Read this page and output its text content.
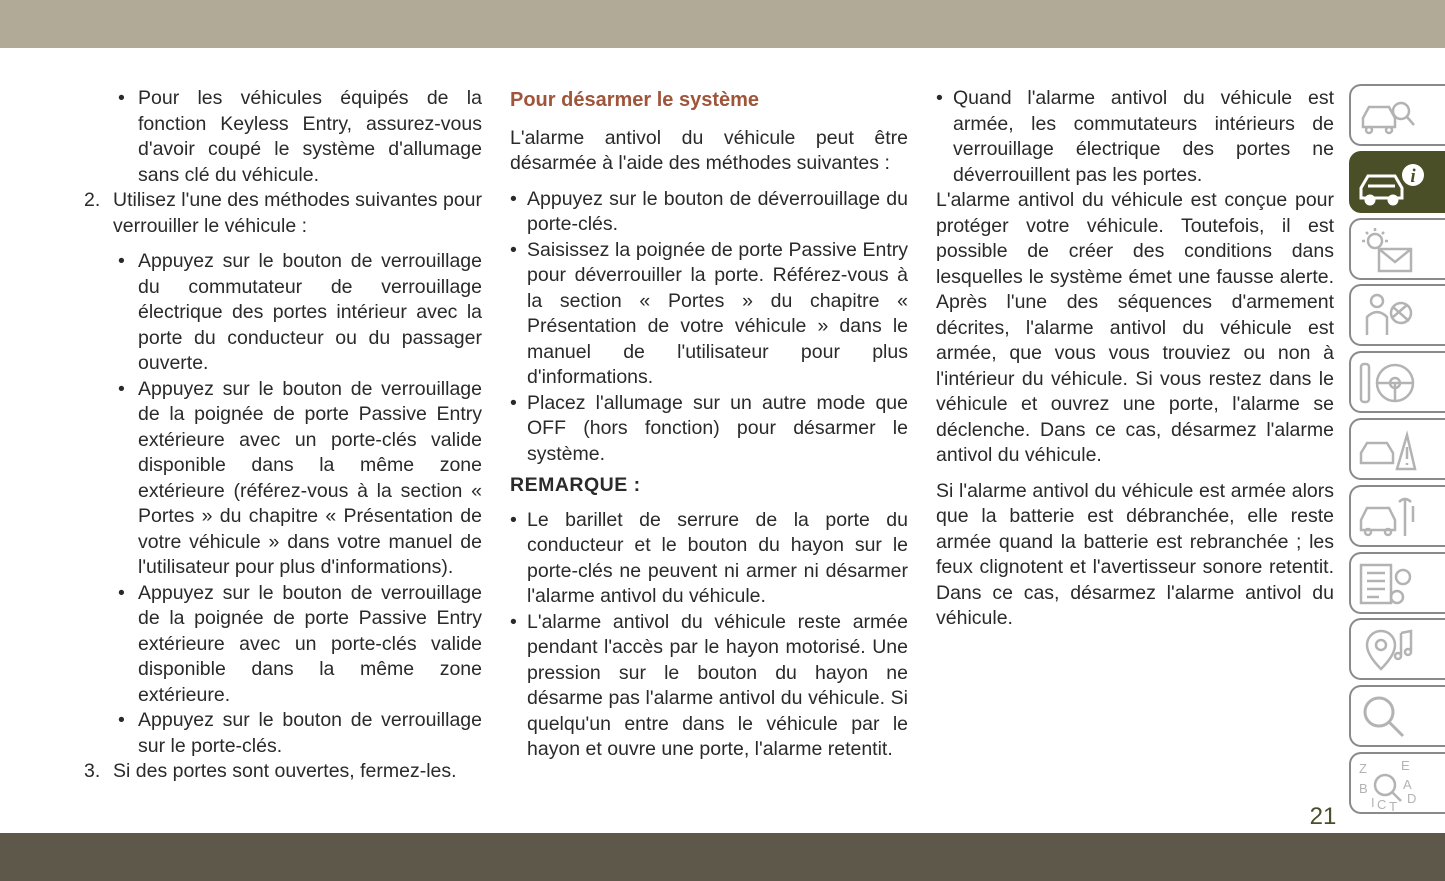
• Pour les véhicules équipés de la fonction Keyless Entry, assurez-vous d'avoir coupé le système d'allumage sans clé du véhicule.

2. Utilisez l'une des méthodes suivantes pour verrouiller le véhicule :

• Appuyez sur le bouton de verrouillage du commutateur de verrouillage électrique des portes intérieur avec la porte du conducteur ou du passager ouverte.

• Appuyez sur le bouton de verrouillage de la poignée de porte Passive Entry extérieure avec un porte-clés valide disponible dans la même zone extérieure (référez-vous à la section « Portes » du chapitre « Présentation de votre véhicule » dans votre manuel de l'utilisateur pour plus d'informations).

• Appuyez sur le bouton de verrouillage de la poignée de porte Passive Entry extérieure avec un porte-clés valide disponible dans la même zone extérieure.

• Appuyez sur le bouton de verrouillage sur le porte-clés.

3. Si des portes sont ouvertes, fermez-les.
Pour désarmer le système

L'alarme antivol du véhicule peut être désarmée à l'aide des méthodes suivantes :

• Appuyez sur le bouton de déverrouillage du porte-clés.

• Saisissez la poignée de porte Passive Entry pour déverrouiller la porte. Référez-vous à la section « Portes » du chapitre « Présentation de votre véhicule » dans le manuel de l'utilisateur pour plus d'informations.

• Placez l'allumage sur un autre mode que OFF (hors fonction) pour désarmer le système.

REMARQUE :

• Le barillet de serrure de la porte du conducteur et le bouton du hayon sur le porte-clés ne peuvent ni armer ni désarmer l'alarme antivol du véhicule.

• L'alarme antivol du véhicule reste armée pendant l'accès par le hayon motorisé. Une pression sur le bouton du hayon ne désarme pas l'alarme antivol du véhicule. Si quelqu'un entre dans le véhicule par le hayon et ouvre une porte, l'alarme retentit.

• Quand l'alarme antivol du véhicule est armée, les commutateurs intérieurs de verrouillage électrique des portes ne déverrouillent pas les portes.

L'alarme antivol du véhicule est conçue pour protéger votre véhicule. Toutefois, il est possible de créer des conditions dans lesquelles le système émet une fausse alerte. Après l'une des séquences d'armement décrites, l'alarme antivol du véhicule est armée, que vous vous trouviez ou non à l'intérieur du véhicule. Si vous restez dans le véhicule et ouvrez une porte, l'alarme se déclenche. Dans ce cas, désarmez l'alarme antivol du véhicule.

Si l'alarme antivol du véhicule est armée alors que la batterie est débranchée, elle reste armée quand la batterie est rebranchée ; les feux clignotent et l'avertisseur sonore retentit. Dans ce cas, désarmez l'alarme antivol du véhicule.

i
Z	E
B	A
I C T
D
21
